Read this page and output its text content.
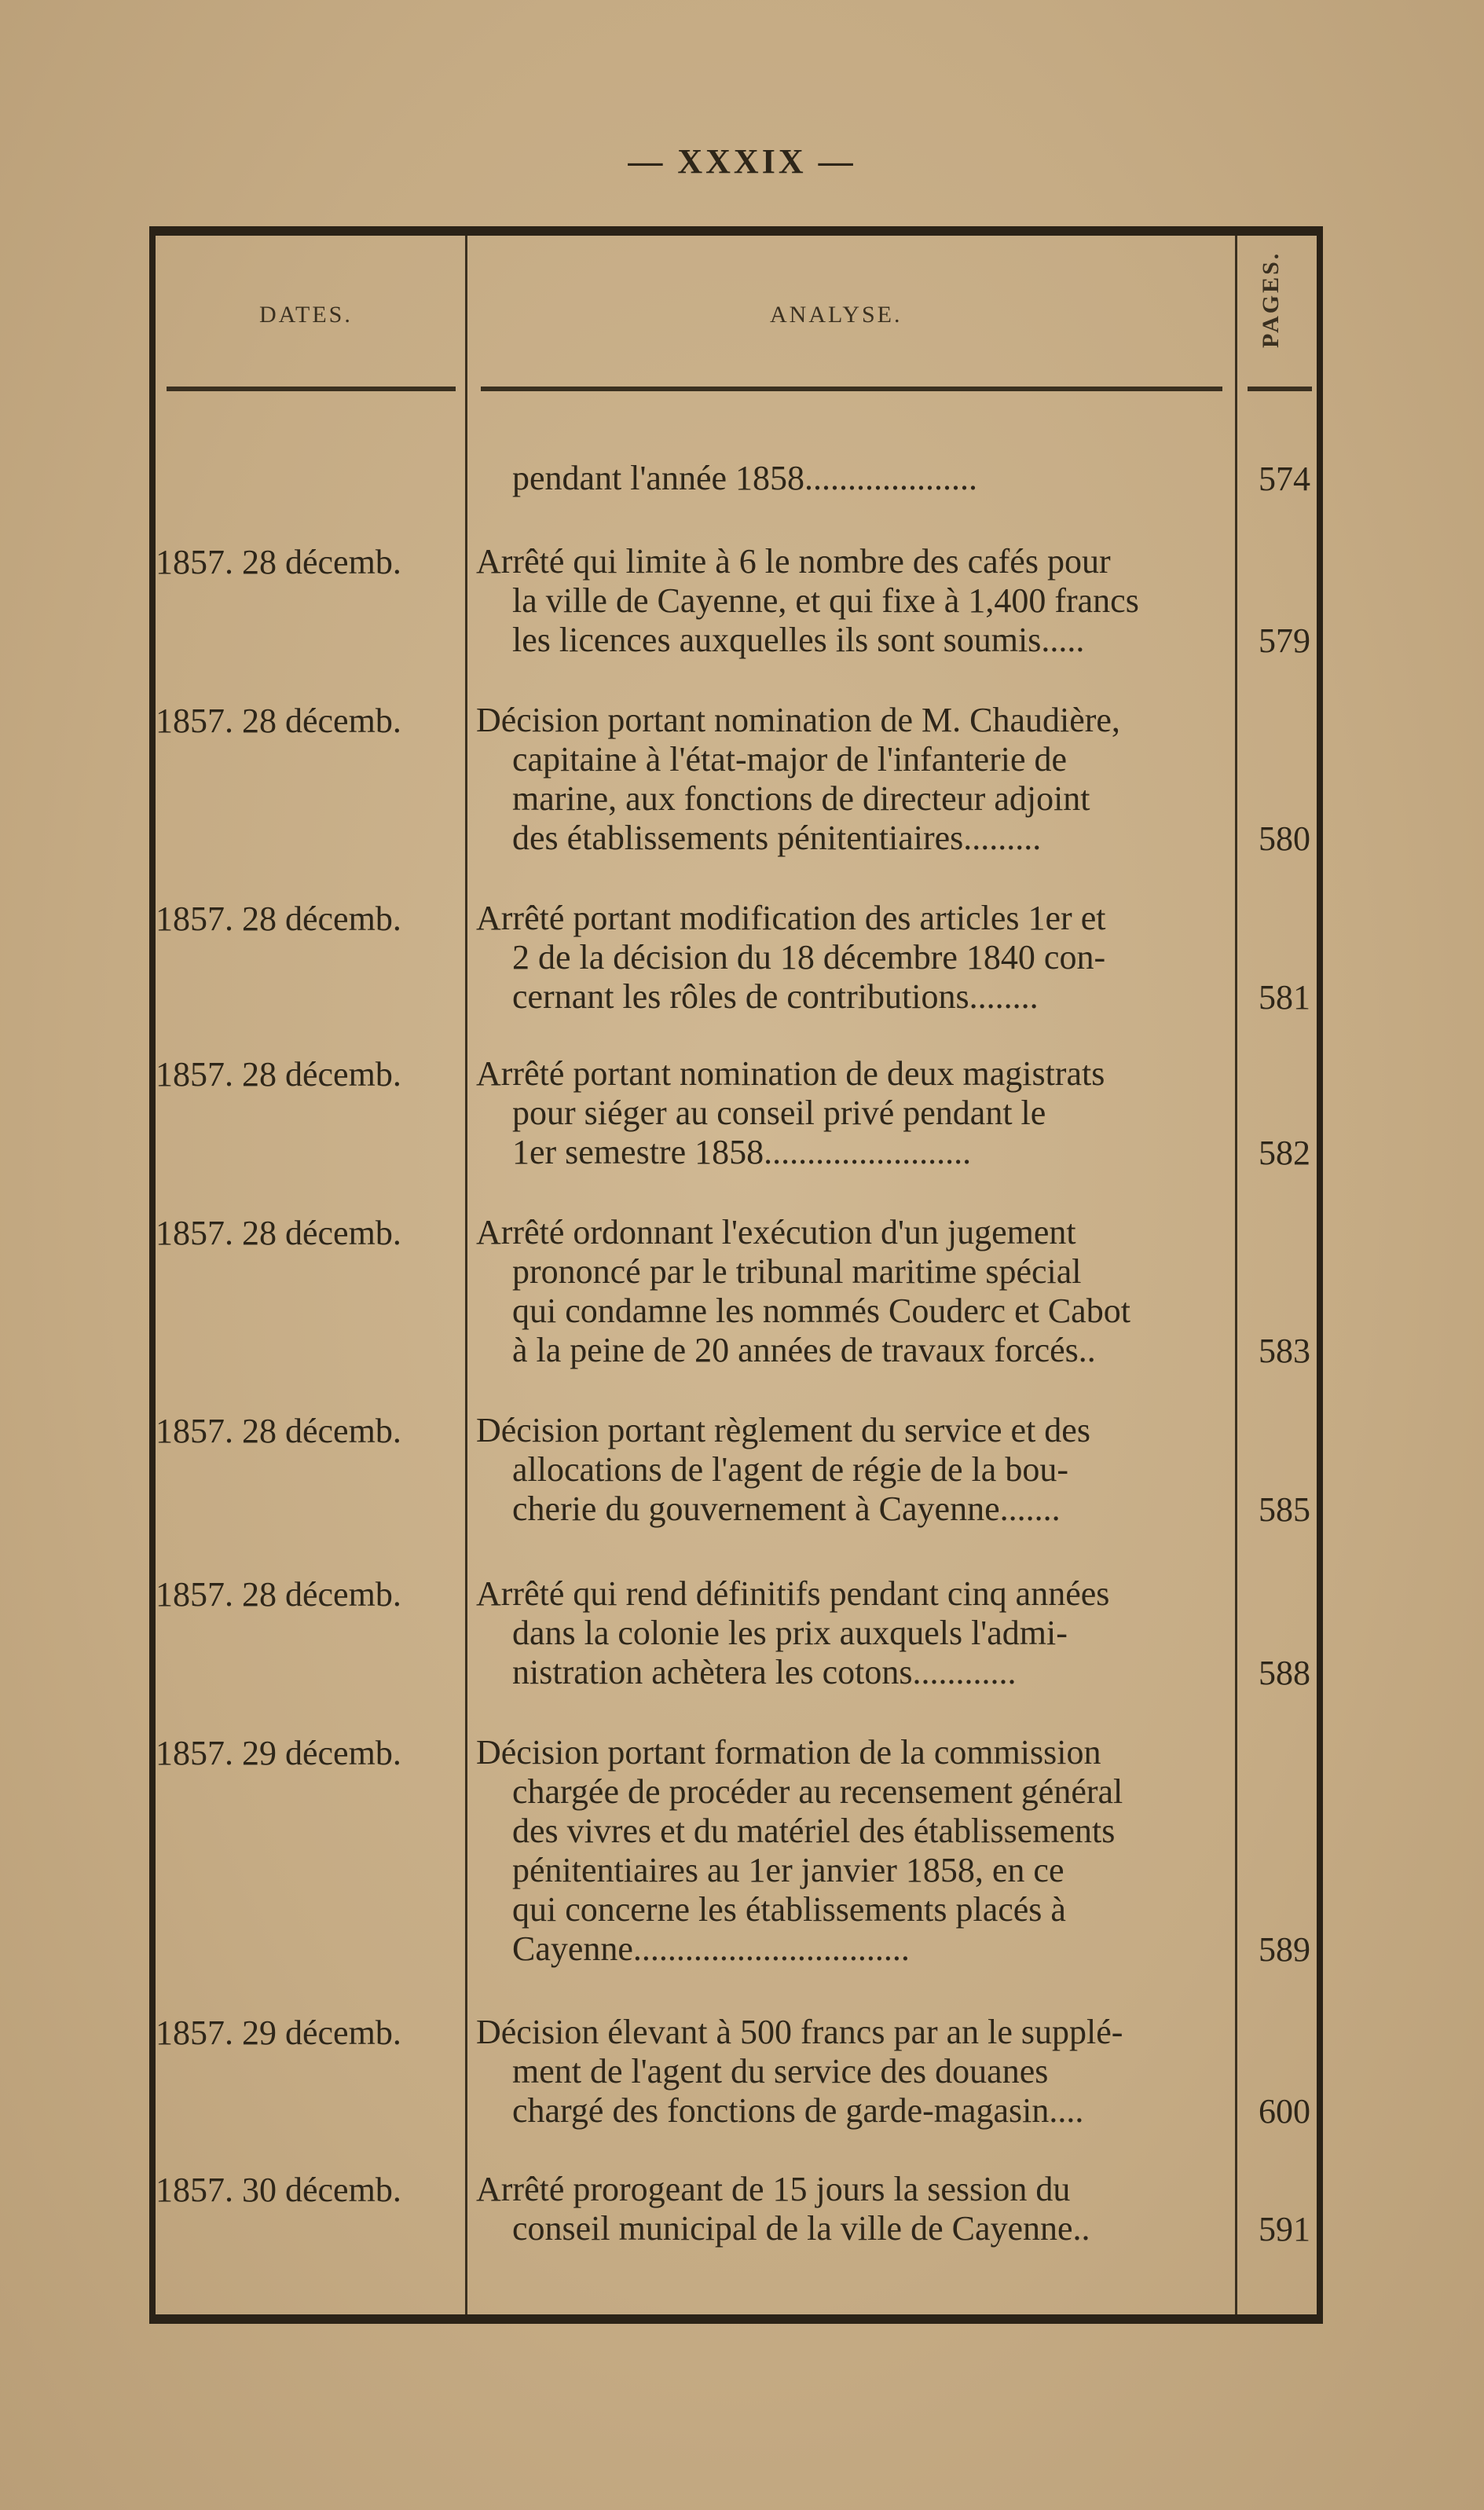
— XXXIX —
DATES.	ANALYSE.	PAGES.
pendant l'année 1858....................	574
1857. 28 décemb.	Arrêté qui limite à 6 le nombre des cafés pour
la ville de Cayenne, et qui fixe à 1,400 francs
les licences auxquelles ils sont soumis.....	579
1857. 28 décemb.	Décision portant nomination de M. Chaudière,
capitaine à l'état-major de l'infanterie de
marine, aux fonctions de directeur adjoint
des établissements pénitentiaires.........	580
1857. 28 décemb.	Arrêté portant modification des articles 1er et
2 de la décision du 18 décembre 1840 con-
cernant les rôles de contributions........	581
1857. 28 décemb.	Arrêté portant nomination de deux magistrats
pour siéger au conseil privé pendant le
1er semestre 1858........................	582
1857. 28 décemb.	Arrêté ordonnant l'exécution d'un jugement
prononcé par le tribunal maritime spécial
qui condamne les nommés Couderc et Cabot
à la peine de 20 années de travaux forcés..	583
1857. 28 décemb.	Décision portant règlement du service et des
allocations de l'agent de régie de la bou-
cherie du gouvernement à Cayenne.......	585
1857. 28 décemb.	Arrêté qui rend définitifs pendant cinq années
dans la colonie les prix auxquels l'admi-
nistration achètera les cotons............	588
1857. 29 décemb.	Décision portant formation de la commission
chargée de procéder au recensement général
des vivres et du matériel des établissements
pénitentiaires au 1er janvier 1858, en ce
qui concerne les établissements placés à
Cayenne................................	589
1857. 29 décemb.	Décision élevant à 500 francs par an le supplé-
ment de l'agent du service des douanes
chargé des fonctions de garde-magasin....	600
1857. 30 décemb.	Arrêté prorogeant de 15 jours la session du
conseil municipal de la ville de Cayenne..	591
